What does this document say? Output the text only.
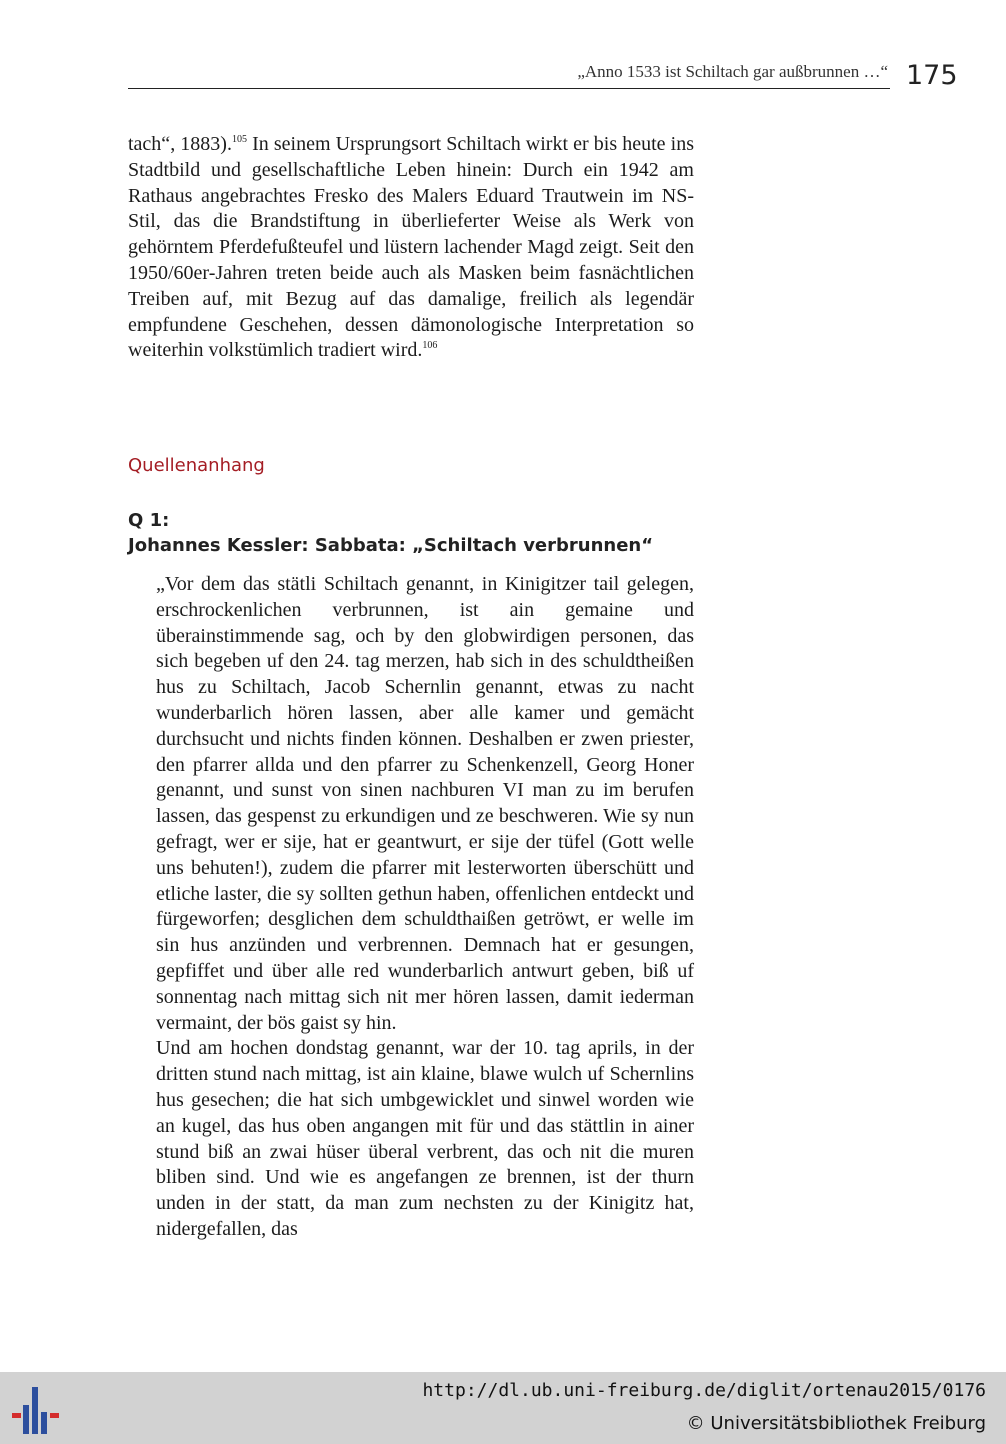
„Anno 1533 ist Schiltach gar außbrunnen …“ 175

tach“, 1883).$^{105}$ In seinem Ursprungsort Schiltach wirkt er bis heute ins Stadtbild und gesellschaftliche Leben hinein: Durch ein 1942 am Rathaus angebrachtes Fresko des Malers Eduard Trautwein im NS-Stil, das die Brandstiftung in überlieferter Weise als Werk von gehörntem Pferdefußteufel und lüstern lachender Magd zeigt. Seit den 1950/60er-Jahren treten beide auch als Masken beim fasnächtlichen Treiben auf, mit Bezug auf das damalige, freilich als legendär empfundene Geschehen, dessen dämonologische Interpretation so weiterhin volkstümlich tradiert wird.$^{106}$

Quellenanhang
Q 1:
Johannes Kessler: Sabbata: „Schiltach verbrunnen“

„Vor dem das stätli Schiltach genannt, in Kinigitzer tail gelegen, erschrockenlichen verbrunnen, ist ain gemaine und überainstimmende sag, och by den globwirdigen personen, das sich begeben uf den 24. tag merzen, hab sich in des schuldtheißen hus zu Schiltach, Jacob Schernlin genannt, etwas zu nacht wunderbarlich hören lassen, aber alle kamer und gemächt durchsucht und nichts finden können. Deshalben er zwen priester, den pfarrer allda und den pfarrer zu Schenkenzell, Georg Honer genannt, und sunst von sinen nachburen VI man zu im berufen lassen, das gespenst zu erkundigen und ze beschweren. Wie sy nun gefragt, wer er sije, hat er geantwurt, er sije der tüfel (Gott welle uns behuten!), zudem die pfarrer mit lesterworten überschütt und etliche laster, die sy sollten gethun haben, offenlichen entdeckt und fürgeworfen; desglichen dem schuldthaißen getröwt, er welle im sin hus anzünden und verbrennen. Demnach hat er gesungen, gepfiffet und über alle red wunderbarlich antwurt geben, biß uf sonnentag nach mittag sich nit mer hören lassen, damit iederman vermaint, der bös gaist sy hin.

Und am hochen dondstag genannt, war der 10. tag aprils, in der dritten stund nach mittag, ist ain klaine, blawe wulch uf Schernlins hus gesechen; die hat sich umbgewicklet und sinwel worden wie an kugel, das hus oben angangen mit für und das stättlin in ainer stund biß an zwai hüser überal verbrent, das och nit die muren bliben sind. Und wie es angefangen ze brennen, ist der thurn unden in der statt, da man zum nechsten zu der Kinigitz hat, nidergefallen, das

http://dl.ub.uni-freiburg.de/diglit/ortenau2015/0176
© Universitätsbibliothek Freiburg
